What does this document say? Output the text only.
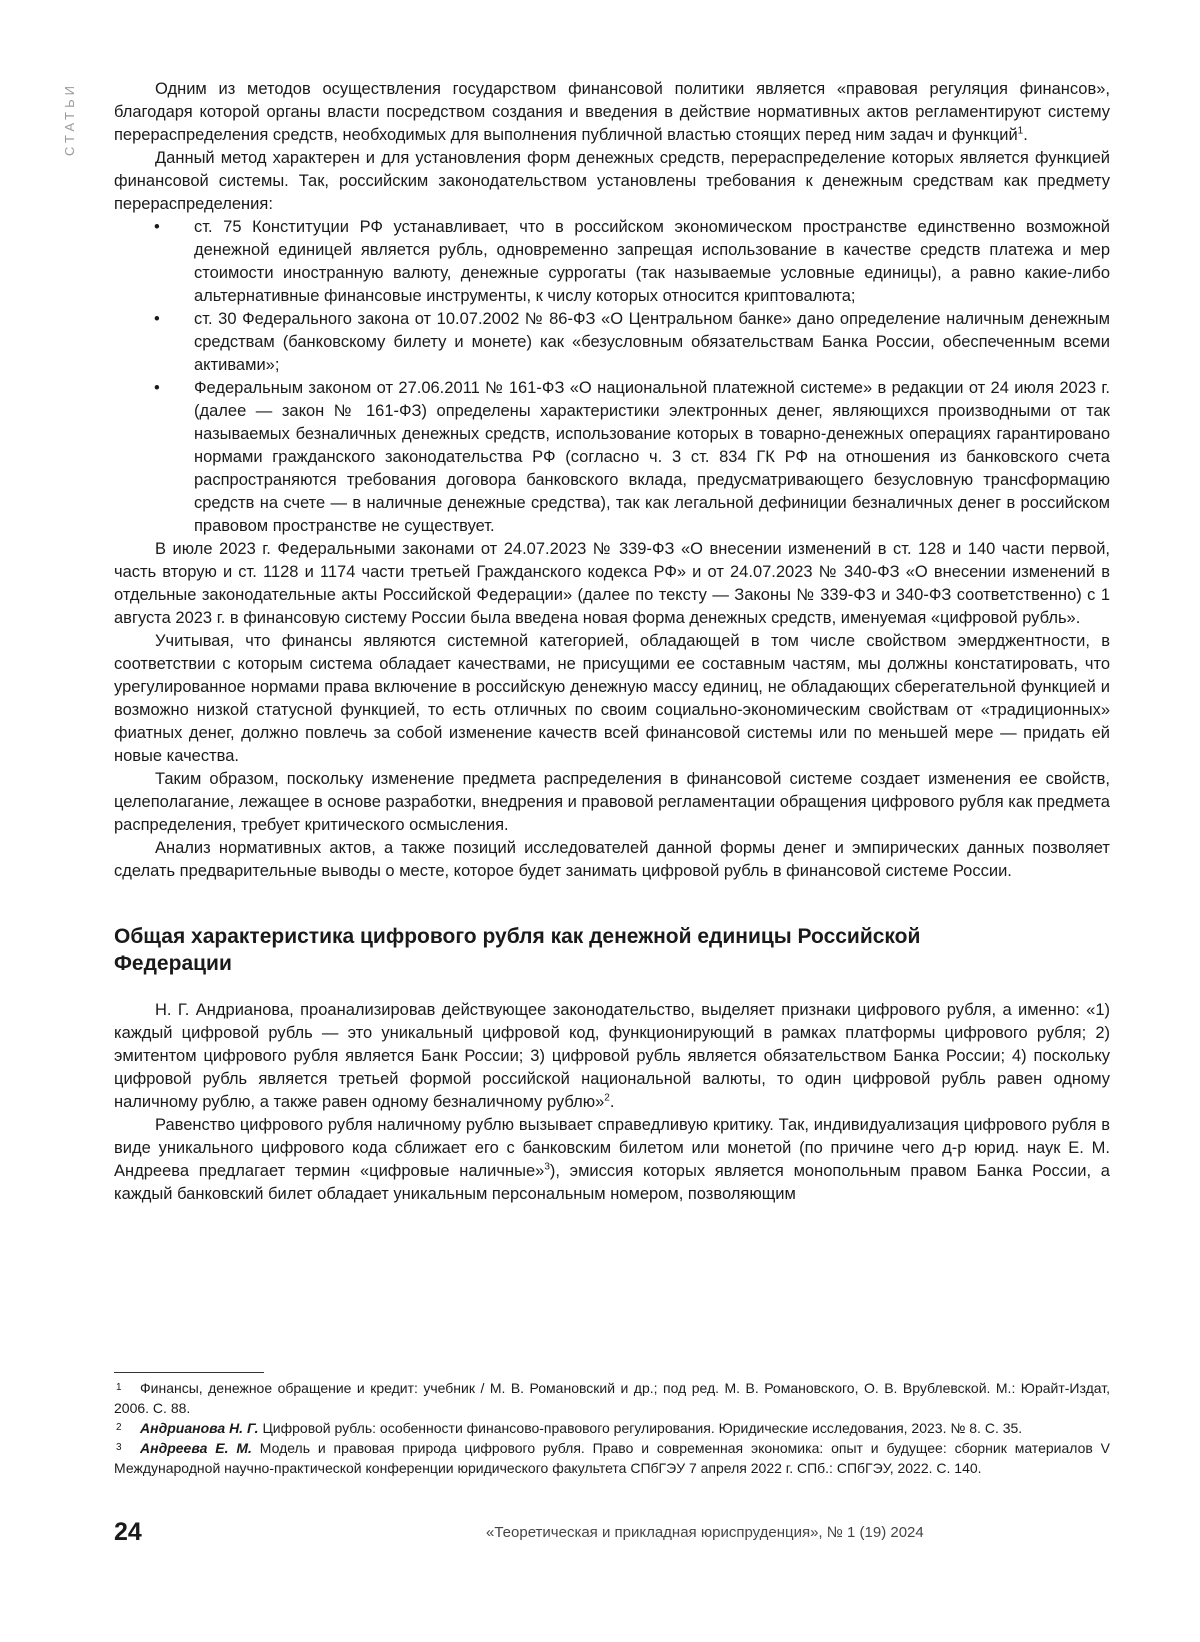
СТАТЬИ	Одним из методов осуществления государством финансовой политики является «правовая регуляция финансов», благодаря которой органы власти посредством создания и введения в действие нормативных актов регламентируют систему перераспределения средств, необходимых для выполнения публичной властью стоящих перед ним задач и функций$^1$.

Данный метод характерен и для установления форм денежных средств, перераспределение которых является функцией финансовой системы. Так, российским законодательством установлены требования к денежным средствам как предмету перераспределения:

• ст. 75 Конституции РФ устанавливает, что в российском экономическом пространстве единственно возможной денежной единицей является рубль, одновременно запрещая использование в качестве средств платежа и мер стоимости иностранную валюту, денежные суррогаты (так называемые условные единицы), а равно какие-либо альтернативные финансовые инструменты, к числу которых относится криптовалюта;
• ст. 30 Федерального закона от 10.07.2002 № 86-ФЗ «О Центральном банке» дано определение наличным денежным средствам (банковскому билету и монете) как «безусловным обязательствам Банка России, обеспеченным всеми активами»;
• Федеральным законом от 27.06.2011 № 161-ФЗ «О национальной платежной системе» в редакции от 24 июля 2023 г. (далее — закон № 161-ФЗ) определены характеристики электронных денег, являющихся производными от так называемых безналичных денежных средств, использование которых в товарно-денежных операциях гарантировано нормами гражданского законодательства РФ (согласно ч. 3 ст. 834 ГК РФ на отношения из банковского счета распространяются требования договора банковского вклада, предусматривающего безусловную трансформацию средств на счете — в наличные денежные средства), так как легальной дефиниции безналичных денег в российском правовом пространстве не существует.

В июле 2023 г. Федеральными законами от 24.07.2023 № 339-ФЗ «О внесении изменений в ст. 128 и 140 части первой, часть вторую и ст. 1128 и 1174 части третьей Гражданского кодекса РФ» и от 24.07.2023 № 340-ФЗ «О внесении изменений в отдельные законодательные акты Российской Федерации» (далее по тексту — Законы № 339-ФЗ и 340-ФЗ соответственно) с 1 августа 2023 г. в финансовую систему России была введена новая форма денежных средств, именуемая «цифровой рубль».

Учитывая, что финансы являются системной категорией, обладающей в том числе свойством эмерджентности, в соответствии с которым система обладает качествами, не присущими ее составным частям, мы должны констатировать, что урегулированное нормами права включение в российскую денежную массу единиц, не обладающих сберегательной функцией и возможно низкой статусной функцией, то есть отличных по своим социально-экономическим свойствам от «традиционных» фиатных денег, должно повлечь за собой изменение качеств всей финансовой системы или по меньшей мере — придать ей новые качества.

Таким образом, поскольку изменение предмета распределения в финансовой системе создает изменения ее свойств, целеполагание, лежащее в основе разработки, внедрения и правовой регламентации обращения цифрового рубля как предмета распределения, требует критического осмысления.

Анализ нормативных актов, а также позиций исследователей данной формы денег и эмпирических данных позволяет сделать предварительные выводы о месте, которое будет занимать цифровой рубль в финансовой системе России.

Общая характеристика цифрового рубля как денежной единицы Российской Федерации

Н. Г. Андрианова, проанализировав действующее законодательство, выделяет признаки цифрового рубля, а именно: «1) каждый цифровой рубль — это уникальный цифровой код, функционирующий в рамках платформы цифрового рубля; 2) эмитентом цифрового рубля является Банк России; 3) цифровой рубль является обязательством Банка России; 4) поскольку цифровой рубль является третьей формой российской национальной валюты, то один цифровой рубль равен одному наличному рублю, а также равен одному безналичному рублю»$^2$.

Равенство цифрового рубля наличному рублю вызывает справедливую критику. Так, индивидуализация цифрового рубля в виде уникального цифрового кода сближает его с банковским билетом или монетой (по причине чего д-р юрид. наук Е. М. Андреева предлагает термин «цифровые наличные»$^3$), эмиссия которых является монопольным правом Банка России, а каждый банковский билет обладает уникальным персональным номером, позволяющим

1 Финансы, денежное обращение и кредит: учебник / М. В. Романовский и др.; под ред. М. В. Романовского, О. В. Врублевской. М.: Юрайт-Издат, 2006. С. 88.

2 Андрианова Н. Г. Цифровой рубль: особенности финансово-правового регулирования. Юридические исследования, 2023. № 8. С. 35.

3 Андреева Е. М. Модель и правовая природа цифрового рубля. Право и современная экономика: опыт и будущее: сборник материалов V Международной научно-практической конференции юридического факультета СПбГЭУ 7 апреля 2022 г. СПб.: СПбГЭУ, 2022. С. 140.

24	«Теоретическая и прикладная юриспруденция», № 1 (19) 2024
